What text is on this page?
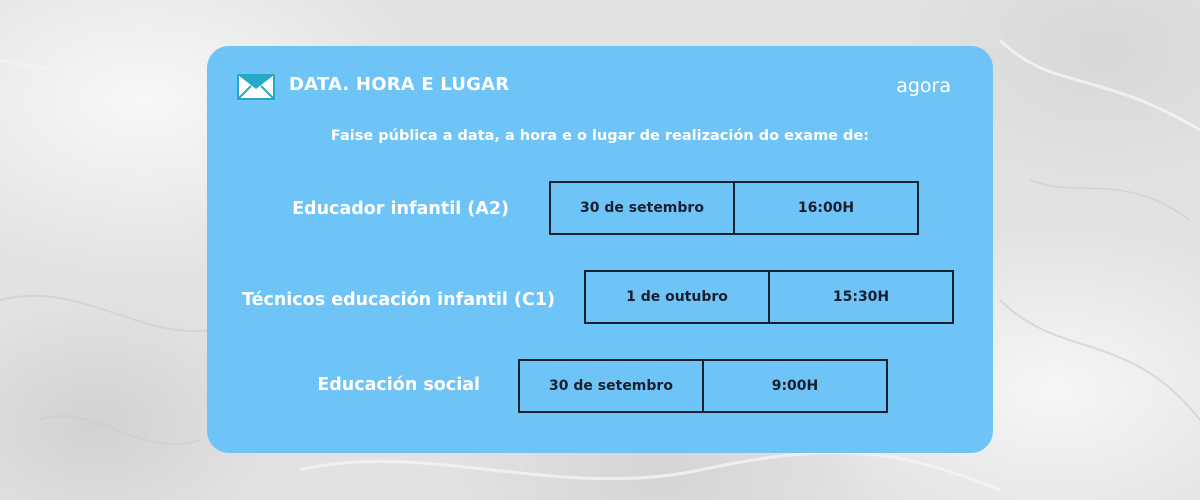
DATA. HORA E LUGAR	agora
Faise pública a data, a hora e o lugar de realización do exame de:
Educador infantil (A2)	30 de setembro	16:00H
Técnicos educación infantil (C1)	1 de outubro	15:30H
Educación social	30 de setembro	9:00H
